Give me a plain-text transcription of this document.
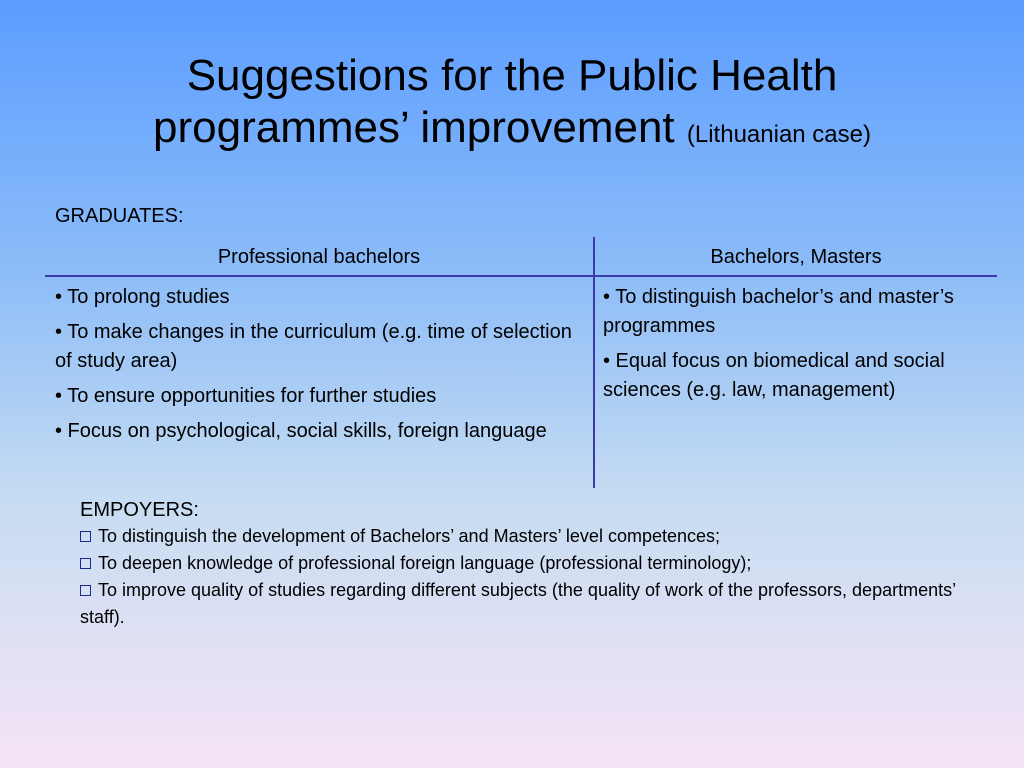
Suggestions for the Public Health
programmes’ improvement (Lithuanian case)
GRADUATES:
Professional bachelors	Bachelors, Masters
• To prolong studies
• To make changes in the curriculum (e.g. time of selection of study area)
• To ensure opportunities for further studies
• Focus on psychological, social skills, foreign language
• To distinguish bachelor’s and master’s programmes
• Equal focus on biomedical and social sciences (e.g. law, management)
EMPOYERS:
To distinguish the development of Bachelors’ and Masters’ level competences;
To deepen knowledge of professional foreign language (professional terminology);
To improve quality of studies regarding different subjects (the quality of work of the professors, departments’ staff).
